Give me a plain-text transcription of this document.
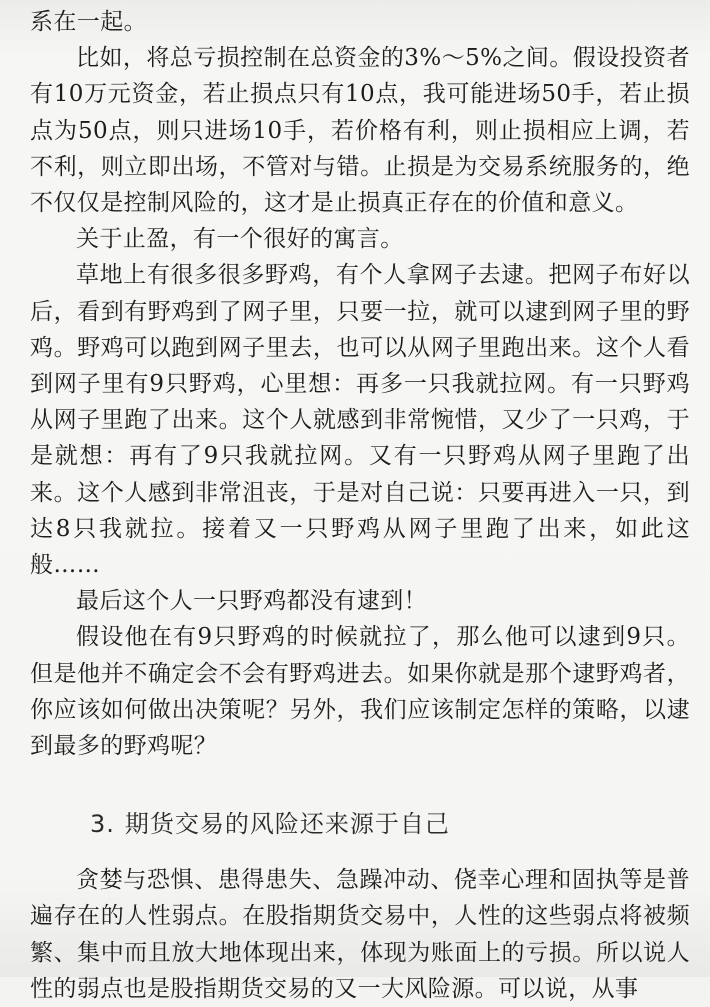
系在一起。

比如，将总亏损控制在总资金的3%～5%之间。假设投资者有10万元资金，若止损点只有10点，我可能进场50手，若止损点为50点，则只进场10手，若价格有利，则止损相应上调，若不利，则立即出场，不管对与错。止损是为交易系统服务的，绝不仅仅是控制风险的，这才是止损真正存在的价值和意义。

关于止盈，有一个很好的寓言。

草地上有很多很多野鸡，有个人拿网子去逮。把网子布好以后，看到有野鸡到了网子里，只要一拉，就可以逮到网子里的野鸡。野鸡可以跑到网子里去，也可以从网子里跑出来。这个人看到网子里有9只野鸡，心里想：再多一只我就拉网。有一只野鸡从网子里跑了出来。这个人就感到非常惋惜，又少了一只鸡，于是就想：再有了9只我就拉网。又有一只野鸡从网子里跑了出来。这个人感到非常沮丧，于是对自己说：只要再进入一只，到达8只我就拉。接着又一只野鸡从网子里跑了出来，如此这般……

最后这个人一只野鸡都没有逮到！

假设他在有9只野鸡的时候就拉了，那么他可以逮到9只。但是他并不确定会不会有野鸡进去。如果你就是那个逮野鸡者，你应该如何做出决策呢？另外，我们应该制定怎样的策略，以逮到最多的野鸡呢？

3. 期货交易的风险还来源于自己

贪婪与恐惧、患得患失、急躁冲动、侥幸心理和固执等是普遍存在的人性弱点。在股指期货交易中，人性的这些弱点将被频繁、集中而且放大地体现出来，体现为账面上的亏损。所以说人性的弱点也是股指期货交易的又一大风险源。可以说，从事
